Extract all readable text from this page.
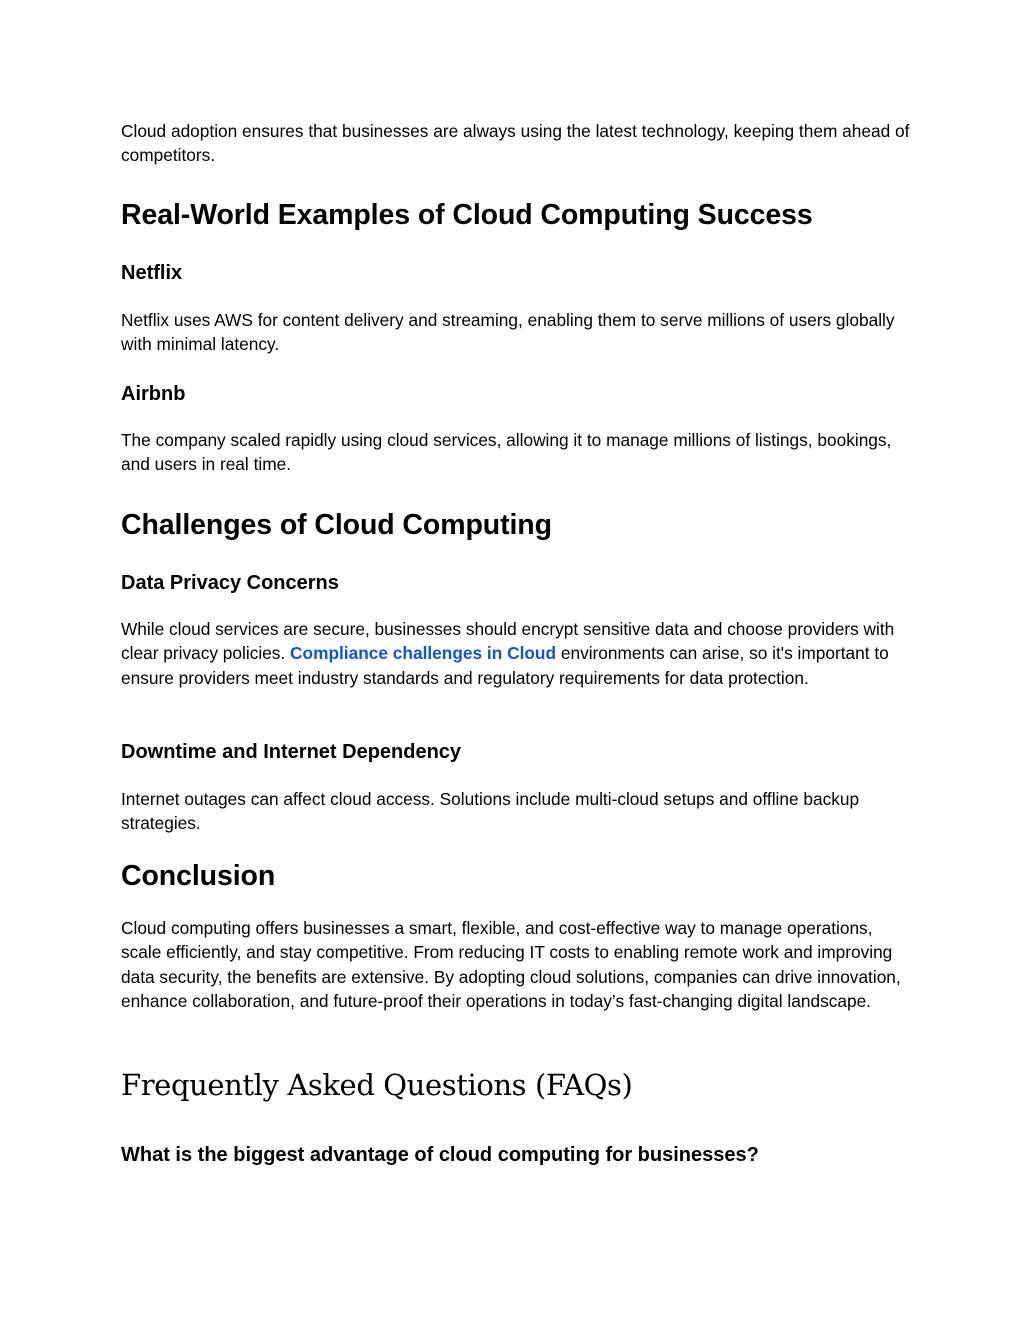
Cloud adoption ensures that businesses are always using the latest technology, keeping them ahead of competitors.

Real-World Examples of Cloud Computing Success
Netflix

Netflix uses AWS for content delivery and streaming, enabling them to serve millions of users globally with minimal latency.

Airbnb

The company scaled rapidly using cloud services, allowing it to manage millions of listings, bookings, and users in real time.

Challenges of Cloud Computing
Data Privacy Concerns

While cloud services are secure, businesses should encrypt sensitive data and choose providers with clear privacy policies. Compliance challenges in Cloud environments can arise, so it's important to ensure providers meet industry standards and regulatory requirements for data protection.

Downtime and Internet Dependency

Internet outages can affect cloud access. Solutions include multi-cloud setups and offline backup strategies.

Conclusion

Cloud computing offers businesses a smart, flexible, and cost-effective way to manage operations, scale efficiently, and stay competitive. From reducing IT costs to enabling remote work and improving data security, the benefits are extensive. By adopting cloud solutions, companies can drive innovation, enhance collaboration, and future-proof their operations in today’s fast-changing digital landscape.

Frequently Asked Questions (FAQs)

What is the biggest advantage of cloud computing for businesses?
